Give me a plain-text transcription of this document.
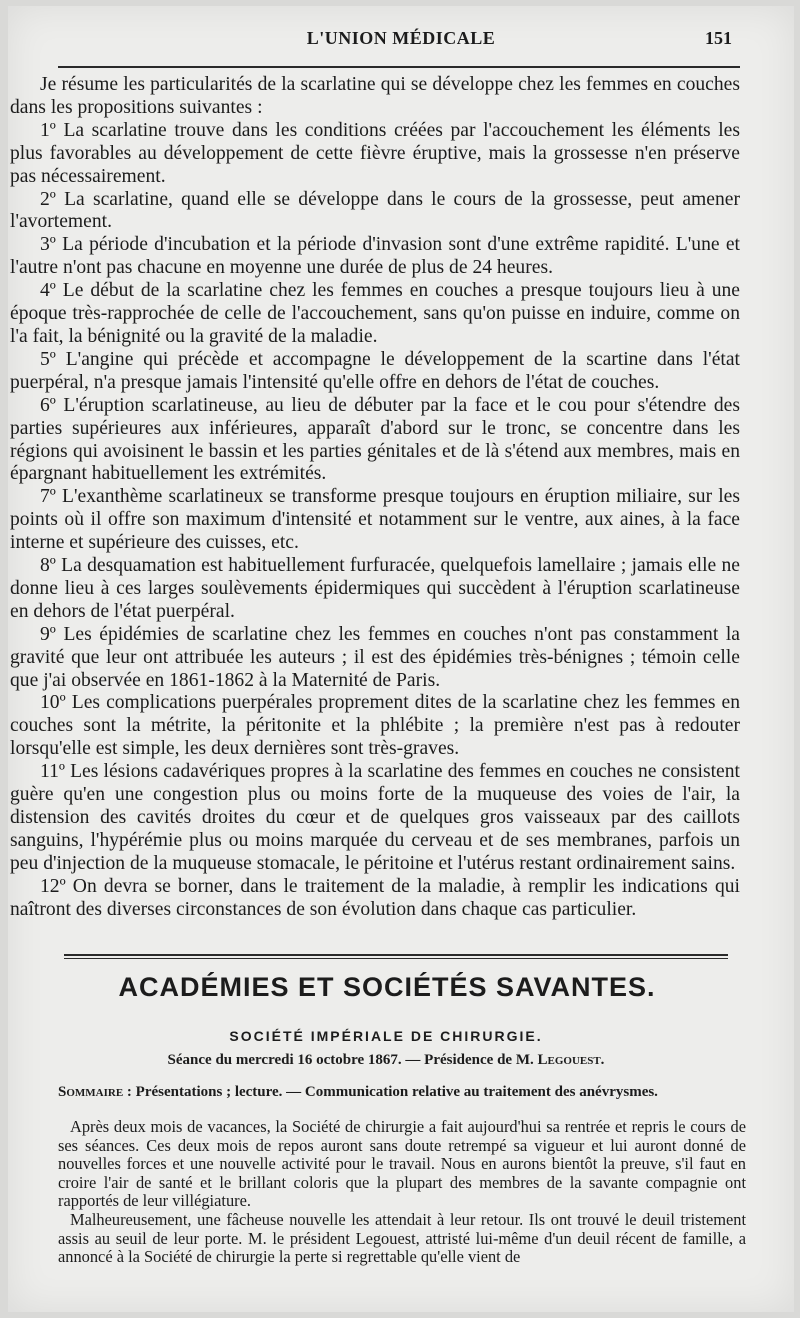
L'UNION MÉDICALE	151

Je résume les particularités de la scarlatine qui se développe chez les femmes en couches dans les propositions suivantes :

1º La scarlatine trouve dans les conditions créées par l'accouchement les éléments les plus favorables au développement de cette fièvre éruptive, mais la grossesse n'en préserve pas nécessairement.

2º La scarlatine, quand elle se développe dans le cours de la grossesse, peut amener l'avortement.

3º La période d'incubation et la période d'invasion sont d'une extrême rapidité. L'une et l'autre n'ont pas chacune en moyenne une durée de plus de 24 heures.

4º Le début de la scarlatine chez les femmes en couches a presque toujours lieu à une époque très-rapprochée de celle de l'accouchement, sans qu'on puisse en induire, comme on l'a fait, la bénignité ou la gravité de la maladie.

5º L'angine qui précède et accompagne le développement de la scartine dans l'état puerpéral, n'a presque jamais l'intensité qu'elle offre en dehors de l'état de couches.

6º L'éruption scarlatineuse, au lieu de débuter par la face et le cou pour s'étendre des parties supérieures aux inférieures, apparaît d'abord sur le tronc, se concentre dans les régions qui avoisinent le bassin et les parties génitales et de là s'étend aux membres, mais en épargnant habituellement les extrémités.

7º L'exanthème scarlatineux se transforme presque toujours en éruption miliaire, sur les points où il offre son maximum d'intensité et notamment sur le ventre, aux aines, à la face interne et supérieure des cuisses, etc.

8º La desquamation est habituellement furfuracée, quelquefois lamellaire ; jamais elle ne donne lieu à ces larges soulèvements épidermiques qui succèdent à l'éruption scarlatineuse en dehors de l'état puerpéral.

9º Les épidémies de scarlatine chez les femmes en couches n'ont pas constamment la gravité que leur ont attribuée les auteurs ; il est des épidémies très-bénignes ; témoin celle que j'ai observée en 1861-1862 à la Maternité de Paris.

10º Les complications puerpérales proprement dites de la scarlatine chez les femmes en couches sont la métrite, la péritonite et la phlébite ; la première n'est pas à redouter lorsqu'elle est simple, les deux dernières sont très-graves.

11º Les lésions cadavériques propres à la scarlatine des femmes en couches ne consistent guère qu'en une congestion plus ou moins forte de la muqueuse des voies de l'air, la distension des cavités droites du cœur et de quelques gros vaisseaux par des caillots sanguins, l'hypérémie plus ou moins marquée du cerveau et de ses membranes, parfois un peu d'injection de la muqueuse stomacale, le péritoine et l'utérus restant ordinairement sains.

12º On devra se borner, dans le traitement de la maladie, à remplir les indications qui naîtront des diverses circonstances de son évolution dans chaque cas particulier.

ACADÉMIES ET SOCIÉTÉS SAVANTES.
SOCIÉTÉ IMPÉRIALE DE CHIRURGIE.
Séance du mercredi 16 octobre 1867. — Présidence de M. Legouest.
Sommaire : Présentations ; lecture. — Communication relative au traitement des anévrysmes.

Après deux mois de vacances, la Société de chirurgie a fait aujourd'hui sa rentrée et repris le cours de ses séances. Ces deux mois de repos auront sans doute retrempé sa vigueur et lui auront donné de nouvelles forces et une nouvelle activité pour le travail. Nous en aurons bientôt la preuve, s'il faut en croire l'air de santé et le brillant coloris que la plupart des membres de la savante compagnie ont rapportés de leur villégiature.

Malheureusement, une fâcheuse nouvelle les attendait à leur retour. Ils ont trouvé le deuil tristement assis au seuil de leur porte. M. le président Legouest, attristé lui-même d'un deuil récent de famille, a annoncé à la Société de chirurgie la perte si regrettable qu'elle vient de
